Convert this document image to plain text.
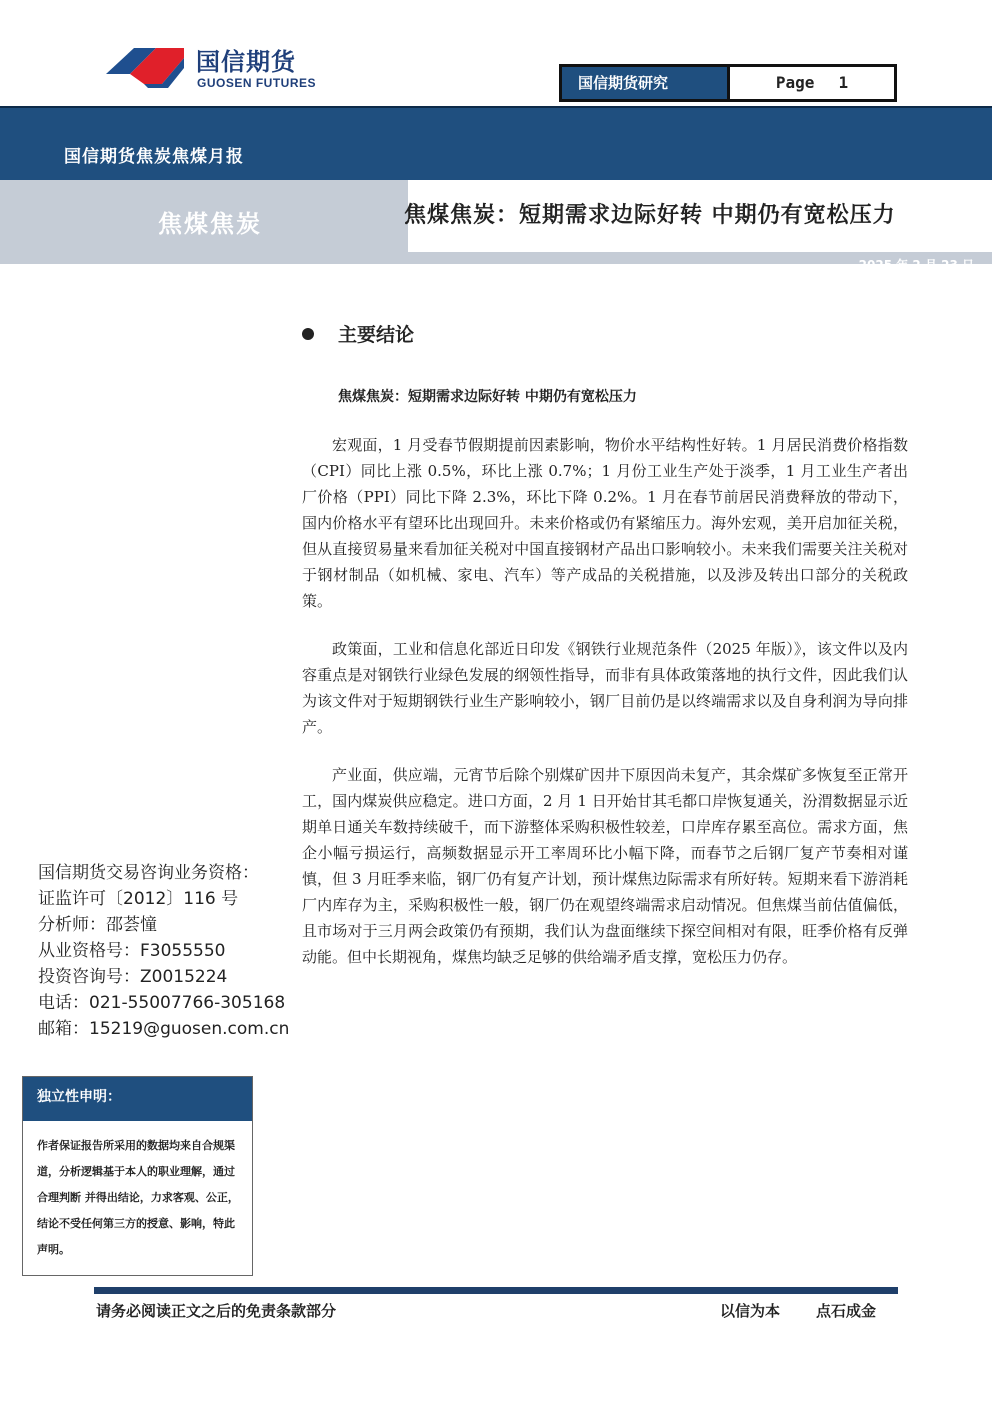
国信期货
GUOSEN FUTURES	国信期货研究	Page 1
国信期货焦炭焦煤月报
焦煤焦炭	焦煤焦炭：短期需求边际好转 中期仍有宽松压力
2025 年 2 月 23 日
主要结论
焦煤焦炭：短期需求边际好转 中期仍有宽松压力

宏观面，1 月受春节假期提前因素影响，物价水平结构性好转。1 月居民消费价格指数（CPI）同比上涨 0.5%，环比上涨 0.7%；1 月份工业生产处于淡季，1 月工业生产者出厂价格（PPI）同比下降 2.3%，环比下降 0.2%。1 月在春节前居民消费释放的带动下，国内价格水平有望环比出现回升。未来价格或仍有紧缩压力。海外宏观，美开启加征关税，但从直接贸易量来看加征关税对中国直接钢材产品出口影响较小。未来我们需要关注关税对于钢材制品（如机械、家电、汽车）等产成品的关税措施，以及涉及转出口部分的关税政策。

政策面，工业和信息化部近日印发《钢铁行业规范条件（2025 年版）》，该文件以及内容重点是对钢铁行业绿色发展的纲领性指导，而非有具体政策落地的执行文件，因此我们认为该文件对于短期钢铁行业生产影响较小，钢厂目前仍是以终端需求以及自身利润为导向排产。

产业面，供应端，元宵节后除个别煤矿因井下原因尚未复产，其余煤矿多恢复至正常开工，国内煤炭供应稳定。进口方面，2 月 1 日开始甘其毛都口岸恢复通关，汾渭数据显示近期单日通关车数持续破千，而下游整体采购积极性较差，口岸库存累至高位。需求方面，焦企小幅亏损运行，高频数据显示开工率周环比小幅下降，而春节之后钢厂复产节奏相对谨慎，但 3 月旺季来临，钢厂仍有复产计划，预计煤焦边际需求有所好转。短期来看下游消耗厂内库存为主，采购积极性一般，钢厂仍在观望终端需求启动情况。但焦煤当前估值偏低，且市场对于三月两会政策仍有预期，我们认为盘面继续下探空间相对有限，旺季价格有反弹动能。但中长期视角，煤焦均缺乏足够的供给端矛盾支撑，宽松压力仍存。

国信期货交易咨询业务资格：
证监许可〔2012〕116 号
分析师：邵荟憧
从业资格号：F3055550
投资咨询号：Z0015224
电话：021-55007766-305168
邮箱：15219@guosen.com.cn
独立性申明：
作者保证报告所采用的数据均来自合规渠道，分析逻辑基于本人的职业理解，通过合理判断 并得出结论，力求客观、公正，结论不受任何第三方的授意、影响，特此声明。
请务必阅读正文之后的免责条款部分	以信为本 点石成金
